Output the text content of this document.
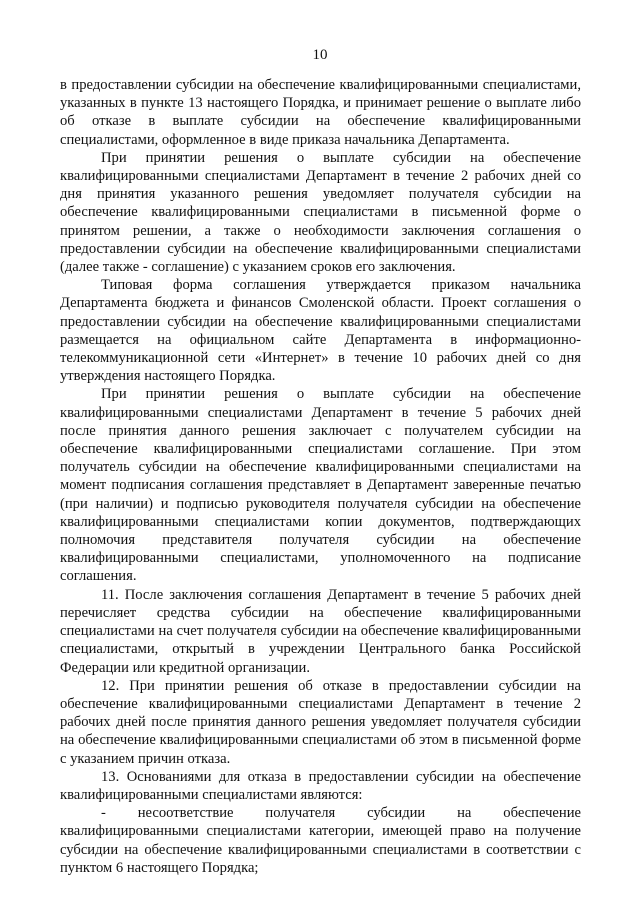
10

в предоставлении субсидии на обеспечение квалифицированными специалистами, указанных в пункте 13 настоящего Порядка, и принимает решение о выплате либо об отказе в выплате субсидии на обеспечение квалифицированными специалистами, оформленное в виде приказа начальника Департамента.

При принятии решения о выплате субсидии на обеспечение квалифицированными специалистами Департамент в течение 2 рабочих дней со дня принятия указанного решения уведомляет получателя субсидии на обеспечение квалифицированными специалистами в письменной форме о принятом решении, а также о необходимости заключения соглашения о предоставлении субсидии на обеспечение квалифицированными специалистами (далее также - соглашение) с указанием сроков его заключения.

Типовая форма соглашения утверждается приказом начальника Департамента бюджета и финансов Смоленской области. Проект соглашения о предоставлении субсидии на обеспечение квалифицированными специалистами размещается на официальном сайте Департамента в информационно-телекоммуникационной сети «Интернет» в течение 10 рабочих дней со дня утверждения настоящего Порядка.

При принятии решения о выплате субсидии на обеспечение квалифицированными специалистами Департамент в течение 5 рабочих дней после принятия данного решения заключает с получателем субсидии на обеспечение квалифицированными специалистами соглашение. При этом получатель субсидии на обеспечение квалифицированными специалистами на момент подписания соглашения представляет в Департамент заверенные печатью (при наличии) и подписью руководителя получателя субсидии на обеспечение квалифицированными специалистами копии документов, подтверждающих полномочия представителя получателя субсидии на обеспечение квалифицированными специалистами, уполномоченного на подписание соглашения.

11. После заключения соглашения Департамент в течение 5 рабочих дней перечисляет средства субсидии на обеспечение квалифицированными специалистами на счет получателя субсидии на обеспечение квалифицированными специалистами, открытый в учреждении Центрального банка Российской Федерации или кредитной организации.

12. При принятии решения об отказе в предоставлении субсидии на обеспечение квалифицированными специалистами Департамент в течение 2 рабочих дней после принятия данного решения уведомляет получателя субсидии на обеспечение квалифицированными специалистами об этом в письменной форме с указанием причин отказа.

13. Основаниями для отказа в предоставлении субсидии на обеспечение квалифицированными специалистами являются:

- несоответствие получателя субсидии на обеспечение квалифицированными специалистами категории, имеющей право на получение субсидии на обеспечение квалифицированными специалистами в соответствии с пунктом 6 настоящего Порядка;
